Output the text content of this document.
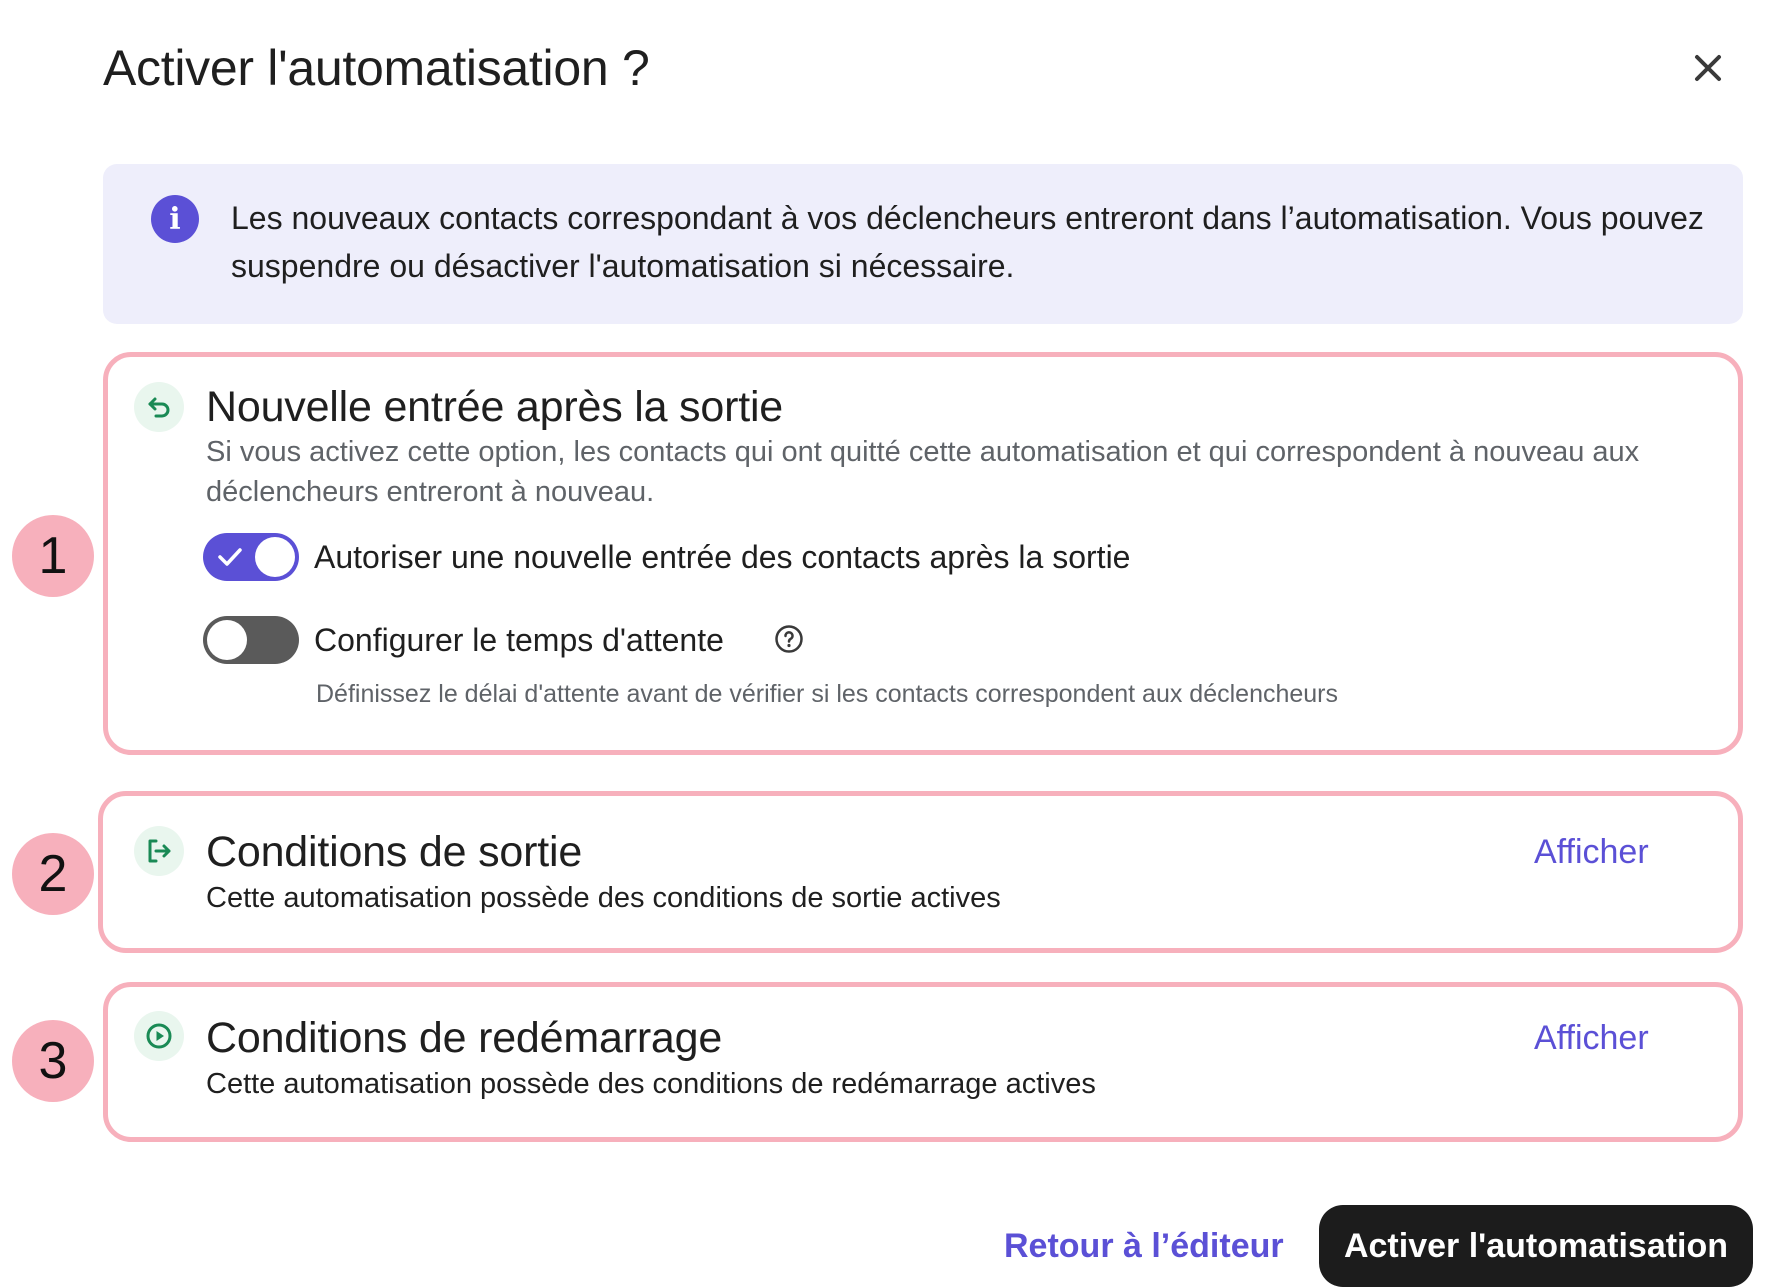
Activer l'automatisation ?
i	Les nouveaux contacts correspondant à vos déclencheurs entreront dans l’automatisation. Vous pouvez suspendre ou désactiver l'automatisation si nécessaire.
1
Nouvelle entrée après la sortie
Si vous activez cette option, les contacts qui ont quitté cette automatisation et qui correspondent à nouveau aux déclencheurs entreront à nouveau.
Autoriser une nouvelle entrée des contacts après la sortie
Configurer le temps d'attente
Définissez le délai d'attente avant de vérifier si les contacts correspondent aux déclencheurs
2	Conditions de sortie
Cette automatisation possède des conditions de sortie actives
Afficher
3	Conditions de redémarrage
Cette automatisation possède des conditions de redémarrage actives
Afficher
Retour à l’éditeur	Activer l'automatisation
